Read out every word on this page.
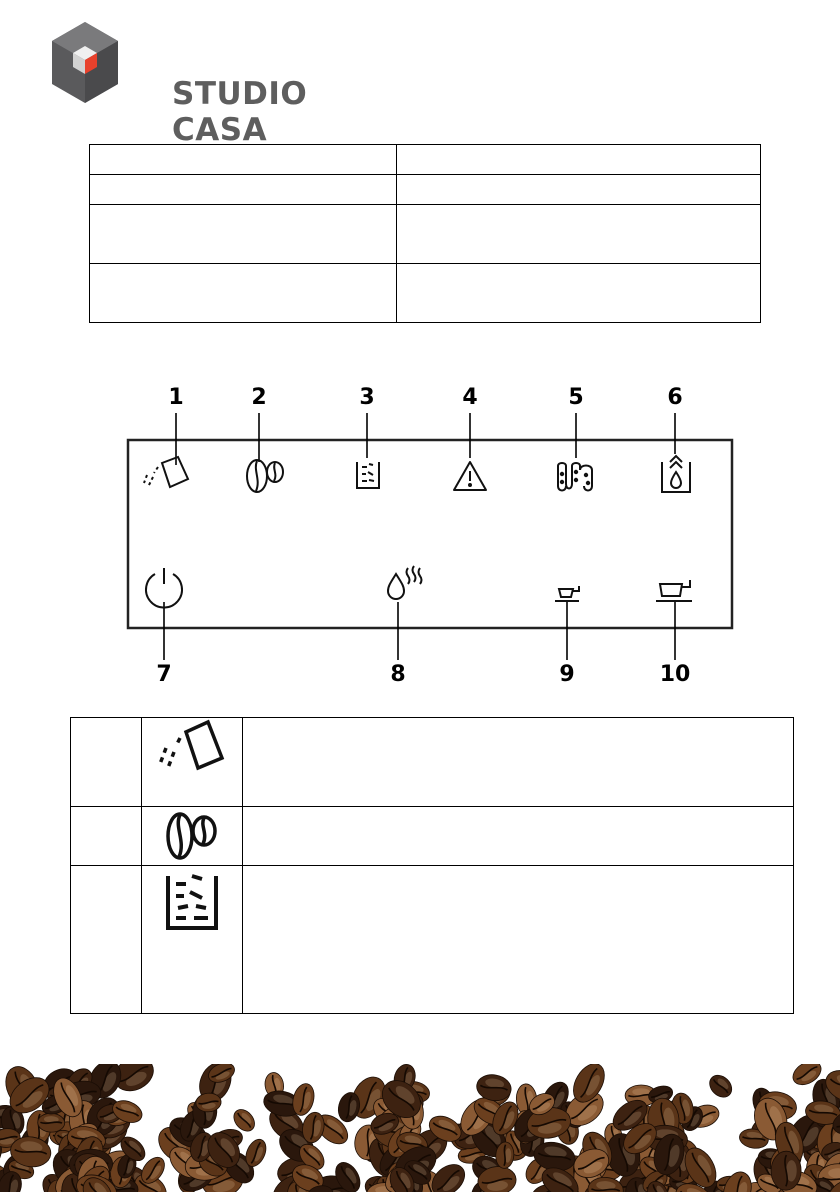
STUDIO CASA

1	2	3	4	5	6
7	8	9	10
